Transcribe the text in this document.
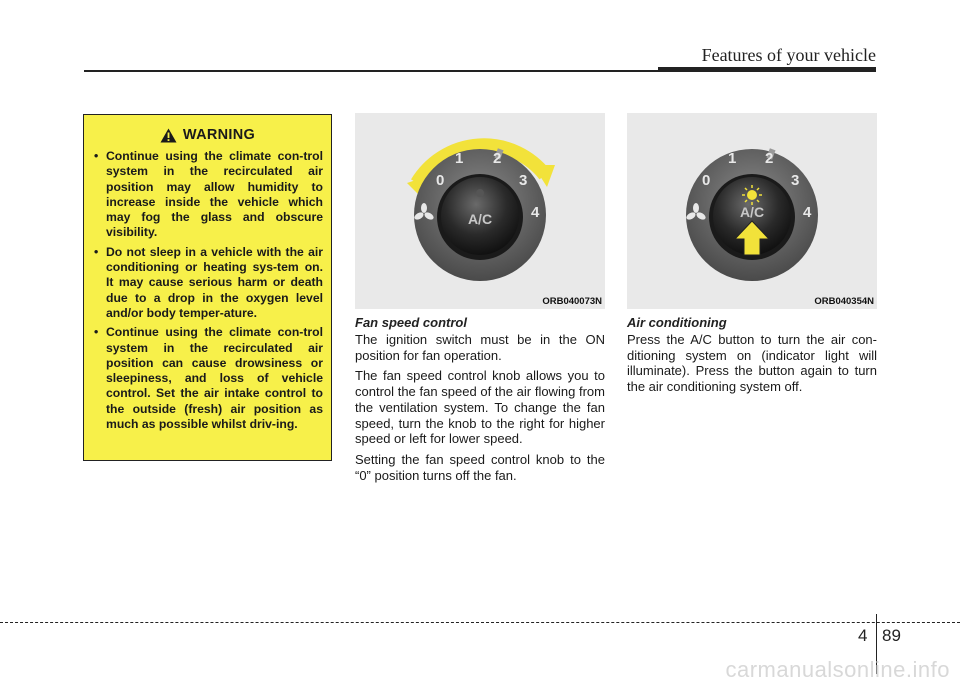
Features of your vehicle
WARNING
• Continue using the climate con-trol system in the recirculated air position may allow humidity to increase inside the vehicle which may fog the glass and obscure visibility.
• Do not sleep in a vehicle with the air conditioning or heating sys-tem on. It may cause serious harm or death due to a drop in the oxygen level and/or body temper-ature.
• Continue using the climate con-trol system in the recirculated air position can cause drowsiness or sleepiness, and loss of vehicle control. Set the air intake control to the outside (fresh) air position as much as possible whilst driv-ing.
0
1 2
3
4
A/C
ORB040073N
0
1 2
3
4
A/C
ORB040354N
Fan speed control

The ignition switch must be in the ON position for fan operation.

The fan speed control knob allows you to control the fan speed of the air flowing from the ventilation system. To change the fan speed, turn the knob to the right for higher speed or left for lower speed.

Setting the fan speed control knob to the “0” position turns off the fan.

Air conditioning

Press the A/C button to turn the air con-ditioning system on (indicator light will illuminate). Press the button again to turn the air conditioning system off.

4 89
carmanualsonline.info
